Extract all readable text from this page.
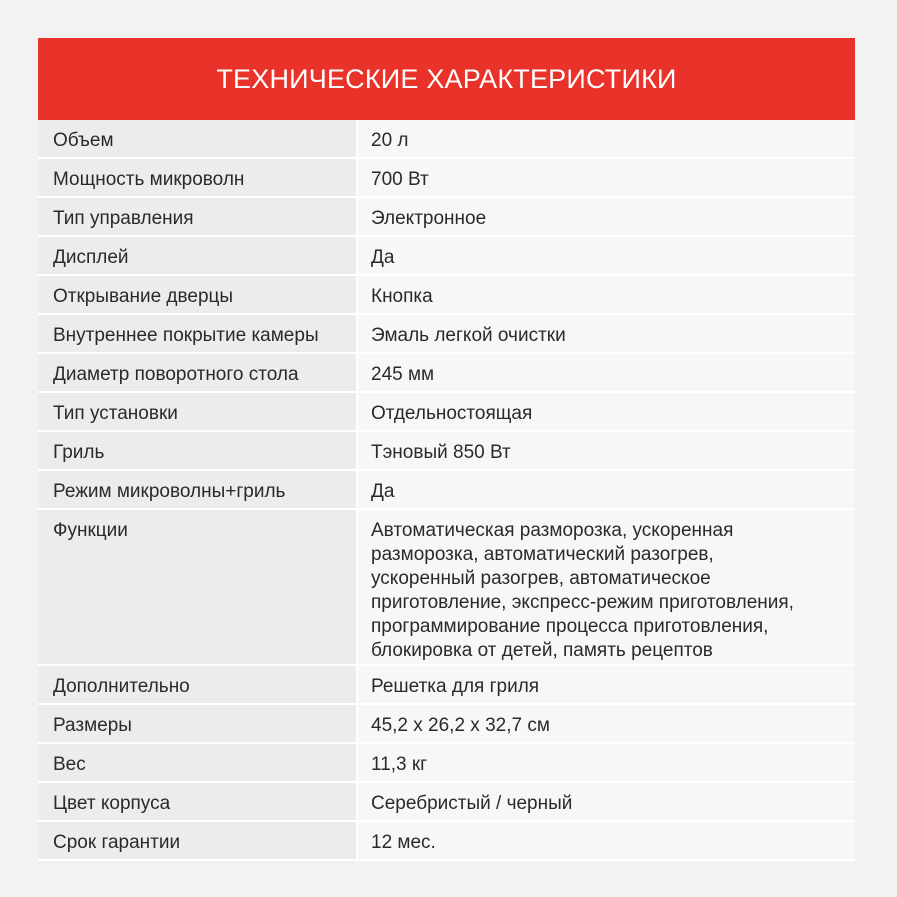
ТЕХНИЧЕСКИЕ ХАРАКТЕРИСТИКИ
Объем	20 л
Мощность микроволн	700 Вт
Тип управления	Электронное
Дисплей	Да
Открывание дверцы	Кнопка
Внутреннее покрытие камеры	Эмаль легкой очистки
Диаметр поворотного стола	245 мм
Тип установки	Отдельностоящая
Гриль	Тэновый 850 Вт
Режим микроволны+гриль	Да
Функции	Автоматическая разморозка, ускоренная
разморозка, автоматический разогрев,
ускоренный разогрев, автоматическое
приготовление, экспресс-режим приготовления,
программирование процесса приготовления,
блокировка от детей, память рецептов
Дополнительно	Решетка для гриля
Размеры	45,2 x 26,2 x 32,7 см
Вес	11,3 кг
Цвет корпуса	Серебристый / черный
Срок гарантии	12 мес.
